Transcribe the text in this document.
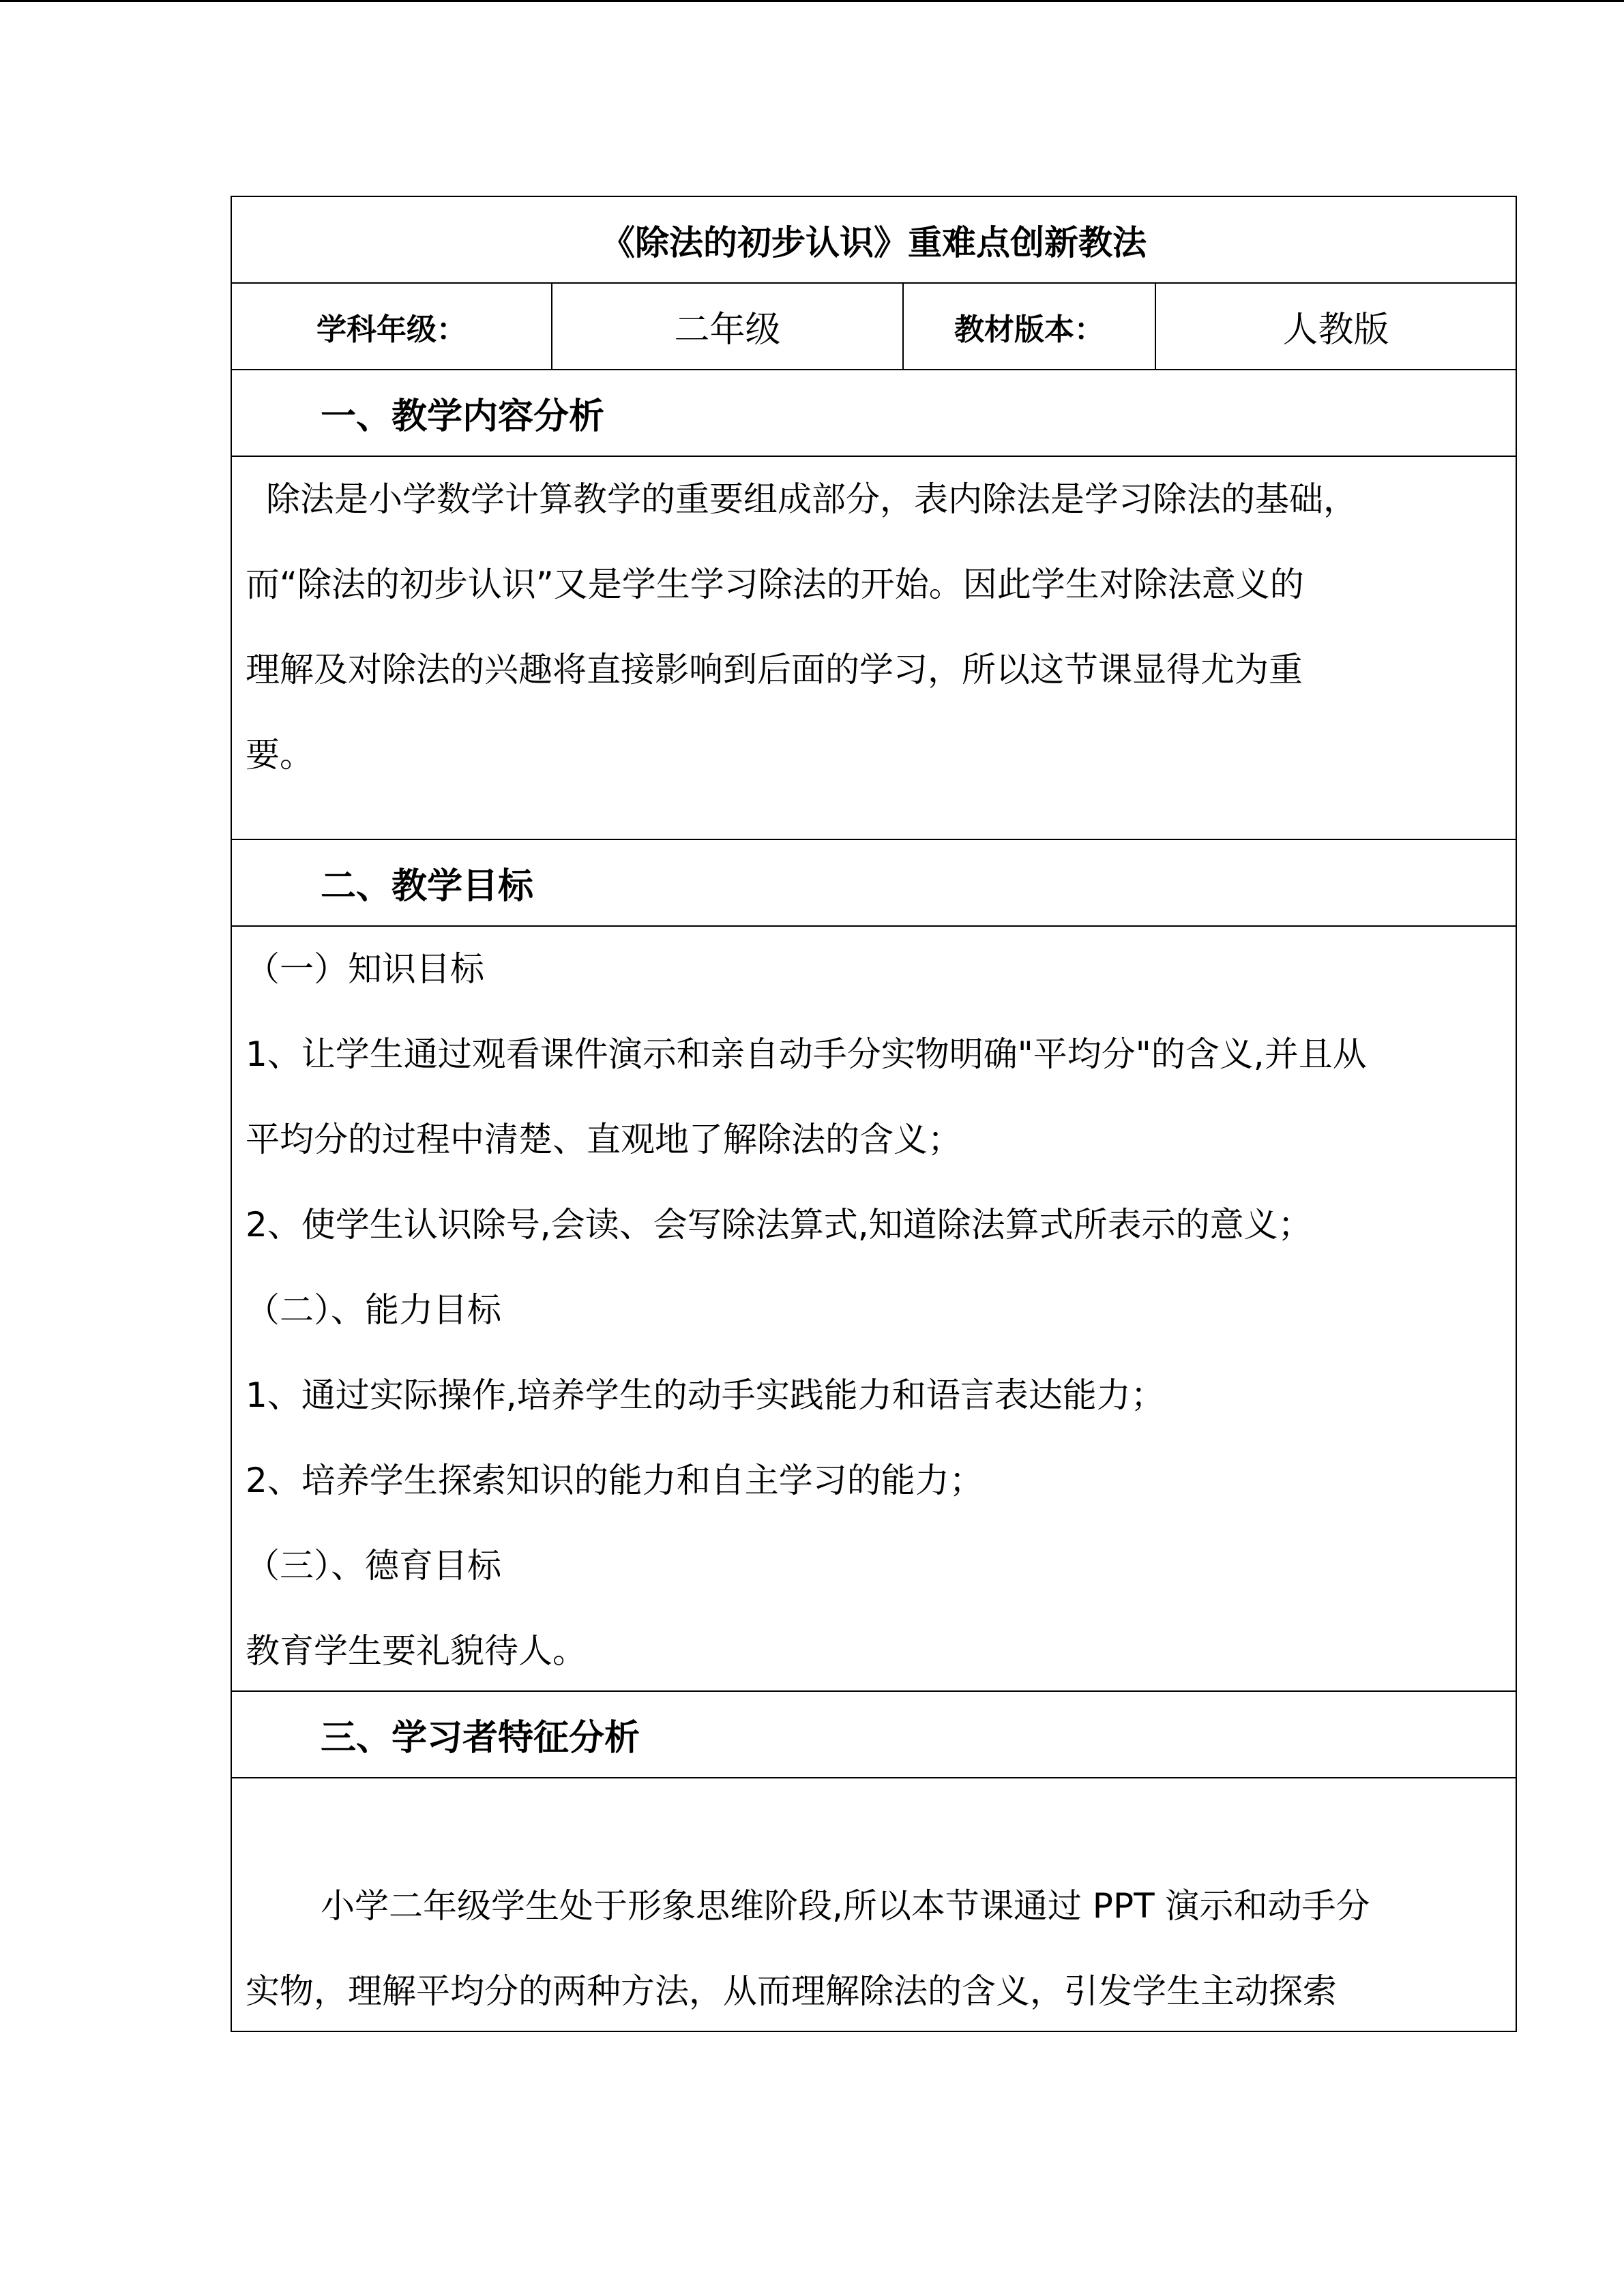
《除法的初步认识》重难点创新教法
学科年级：	二年级	教材版本：	人教版
一、教学内容分析

除法是小学数学计算教学的重要组成部分，表内除法是学习除法的基础，
而“除法的初步认识”又是学生学习除法的开始。因此学生对除法意义的
理解及对除法的兴趣将直接影响到后面的学习，所以这节课显得尤为重
要。

二、教学目标

（一）知识目标
1、让学生通过观看课件演示和亲自动手分实物明确"平均分"的含义,并且从
平均分的过程中清楚、直观地了解除法的含义；
2、使学生认识除号,会读、会写除法算式,知道除法算式所表示的意义；
（二）、能力目标
1、通过实际操作,培养学生的动手实践能力和语言表达能力；
2、培养学生探索知识的能力和自主学习的能力；
（三）、德育目标
教育学生要礼貌待人。

三、学习者特征分析

小学二年级学生处于形象思维阶段,所以本节课通过 PPT 演示和动手分
实物，理解平均分的两种方法，从而理解除法的含义，引发学生主动探索
